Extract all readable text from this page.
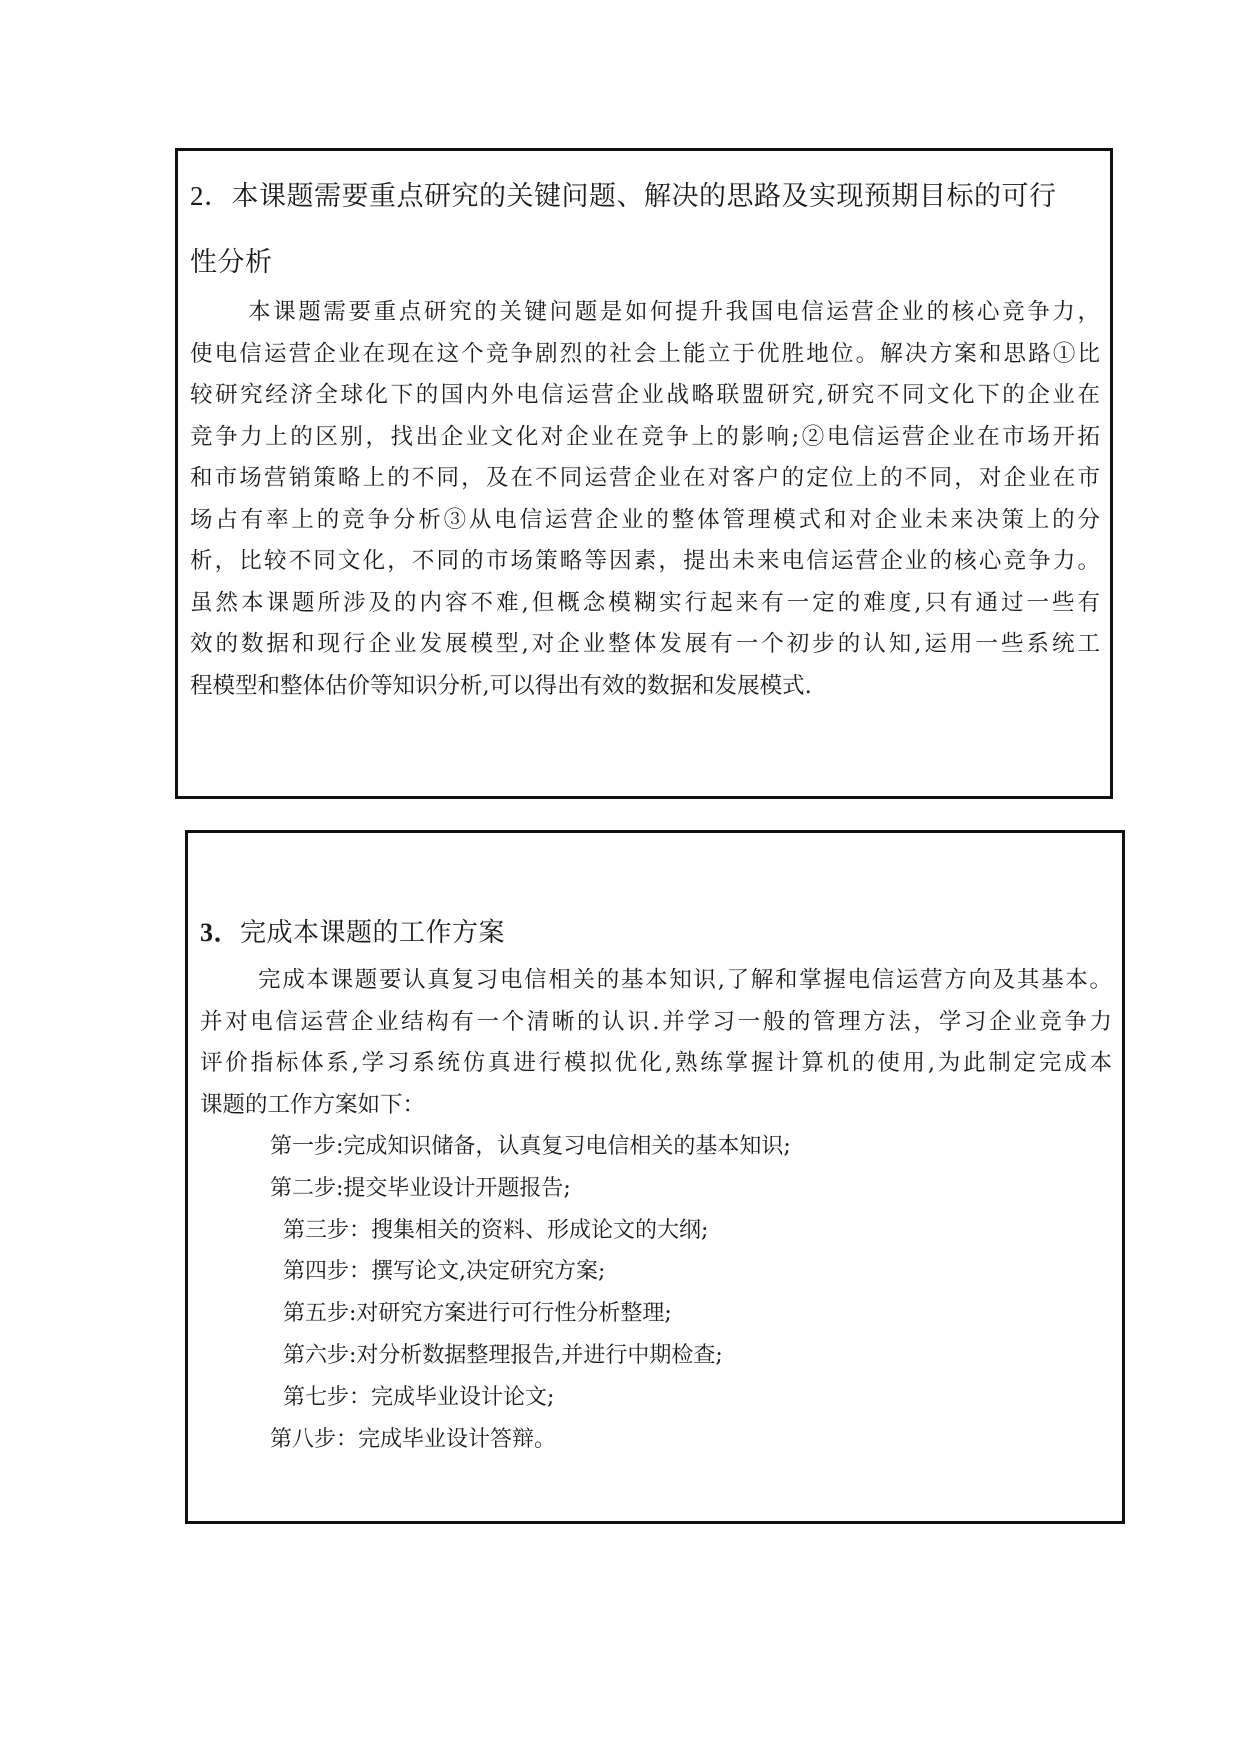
2．本课题需要重点研究的关键问题、解决的思路及实现预期目标的可行

性分析

本课题需要重点研究的关键问题是如何提升我国电信运营企业的核心竞争力，
使电信运营企业在现在这个竞争剧烈的社会上能立于优胜地位。解决方案和思路①比
较研究经济全球化下的国内外电信运营企业战略联盟研究,研究不同文化下的企业在
竞争力上的区别，找出企业文化对企业在竞争上的影响;②电信运营企业在市场开拓
和市场营销策略上的不同，及在不同运营企业在对客户的定位上的不同，对企业在市
场占有率上的竞争分析③从电信运营企业的整体管理模式和对企业未来决策上的分
析，比较不同文化，不同的市场策略等因素，提出未来电信运营企业的核心竞争力。
虽然本课题所涉及的内容不难,但概念模糊实行起来有一定的难度,只有通过一些有
效的数据和现行企业发展模型,对企业整体发展有一个初步的认知,运用一些系统工
程模型和整体估价等知识分析,可以得出有效的数据和发展模式.

3．完成本课题的工作方案

完成本课题要认真复习电信相关的基本知识,了解和掌握电信运营方向及其基本。
并对电信运营企业结构有一个清晰的认识.并学习一般的管理方法，学习企业竞争力
评价指标体系,学习系统仿真进行模拟优化,熟练掌握计算机的使用,为此制定完成本
课题的工作方案如下：
第一步:完成知识储备，认真复习电信相关的基本知识;
第二步:提交毕业设计开题报告;
第三步：搜集相关的资料、形成论文的大纲;
第四步：撰写论文,决定研究方案;
第五步:对研究方案进行可行性分析整理;
第六步:对分析数据整理报告,并进行中期检查;
第七步：完成毕业设计论文;
第八步：完成毕业设计答辩。
